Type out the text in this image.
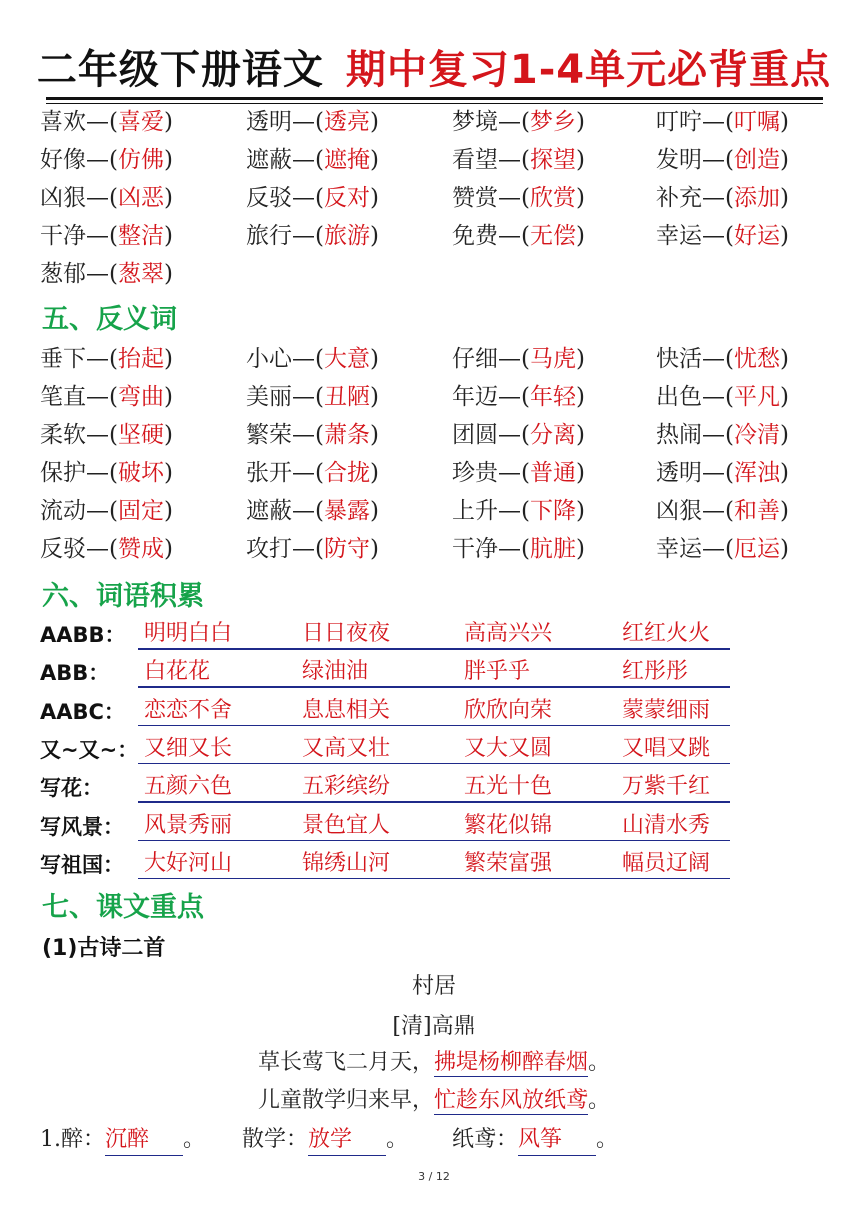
二年级下册语文 期中复习1-4单元必背重点
喜欢—(喜爱)	透明—(透亮)	梦境—(梦乡)	叮咛—(叮嘱)
好像—(仿佛)	遮蔽—(遮掩)	看望—(探望)	发明—(创造)
凶狠—(凶恶)	反驳—(反对)	赞赏—(欣赏)	补充—(添加)
干净—(整洁)	旅行—(旅游)	免费—(无偿)	幸运—(好运)
葱郁—(葱翠)
五、反义词
垂下—(抬起)	小心—(大意)	仔细—(马虎)	快活—(忧愁)
笔直—(弯曲)	美丽—(丑陋)	年迈—(年轻)	出色—(平凡)
柔软—(坚硬)	繁荣—(萧条)	团圆—(分离)	热闹—(冷清)
保护—(破坏)	张开—(合拢)	珍贵—(普通)	透明—(浑浊)
流动—(固定)	遮蔽—(暴露)	上升—(下降)	凶狠—(和善)
反驳—(赞成)	攻打—(防守)	干净—(肮脏)	幸运—(厄运)
六、词语积累
AABB： 明明白白	日日夜夜	高高兴兴	红红火火
ABB： 白花花	绿油油	胖乎乎	红彤彤
AABC： 恋恋不舍	息息相关	欣欣向荣	蒙蒙细雨
又~又~： 又细又长	又高又壮	又大又圆	又唱又跳
写花： 五颜六色	五彩缤纷	五光十色	万紫千红
写风景： 风景秀丽	景色宜人	繁花似锦	山清水秀
写祖国： 大好河山	锦绣山河	繁荣富强	幅员辽阔
七、课文重点
(1)古诗二首
村居
[清]高鼎
草长莺飞二月天，拂堤杨柳醉春烟。
儿童散学归来早，忙趁东风放纸鸢。
1.醉：沉醉 。 散学：放学 。 纸鸢：风筝 。
3 / 12
